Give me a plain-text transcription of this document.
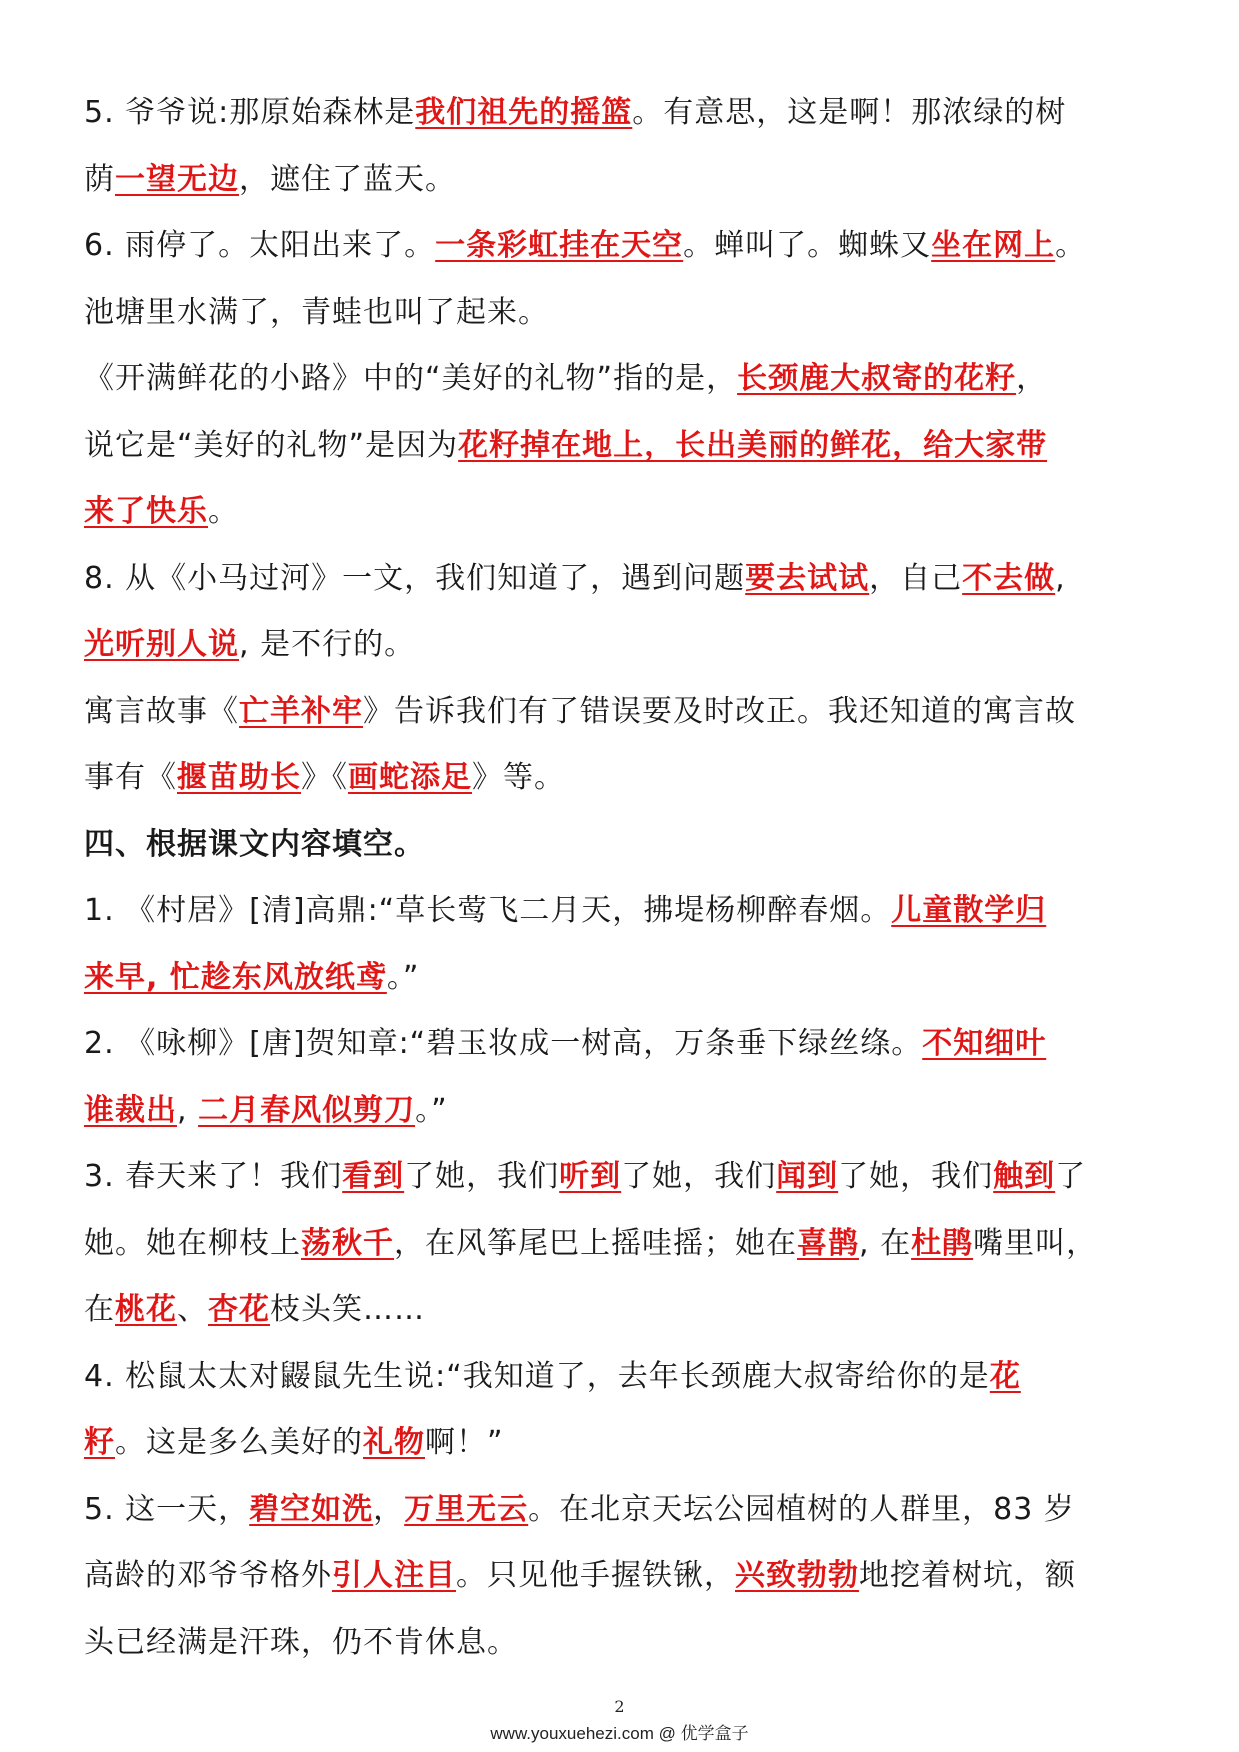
5. 爷爷说:那原始森林是我们祖先的摇篮。有意思，这是啊！那浓绿的树
荫一望无边，遮住了蓝天。
6. 雨停了。太阳出来了。一条彩虹挂在天空。蝉叫了。蜘蛛又坐在网上。
池塘里水满了，青蛙也叫了起来。
《开满鲜花的小路》中的“美好的礼物”指的是，长颈鹿大叔寄的花籽，
说它是“美好的礼物”是因为花籽掉在地上，长出美丽的鲜花，给大家带
来了快乐。
8. 从《小马过河》一文，我们知道了，遇到问题要去试试，自己不去做,
光听别人说, 是不行的。
寓言故事《亡羊补牢》告诉我们有了错误要及时改正。我还知道的寓言故
事有《揠苗助长》《画蛇添足》等。
四、根据课文内容填空。
1. 《村居》[清]高鼎:“草长莺飞二月天，拂堤杨柳醉春烟。儿童散学归
来早, 忙趁东风放纸鸢。”
2. 《咏柳》[唐]贺知章:“碧玉妆成一树高，万条垂下绿丝绦。不知细叶
谁裁出, 二月春风似剪刀。”
3. 春天来了！我们看到了她，我们听到了她，我们闻到了她，我们触到了
她。她在柳枝上荡秋千，在风筝尾巴上摇哇摇；她在喜鹊, 在杜鹃嘴里叫，
在桃花、杏花枝头笑……
4. 松鼠太太对鼹鼠先生说:“我知道了，去年长颈鹿大叔寄给你的是花
籽。这是多么美好的礼物啊！”
5. 这一天，碧空如洗，万里无云。在北京天坛公园植树的人群里，83 岁
高龄的邓爷爷格外引人注目。只见他手握铁锹，兴致勃勃地挖着树坑，额
头已经满是汗珠，仍不肯休息。
2
www.youxuehezi.com @ 优学盒子
